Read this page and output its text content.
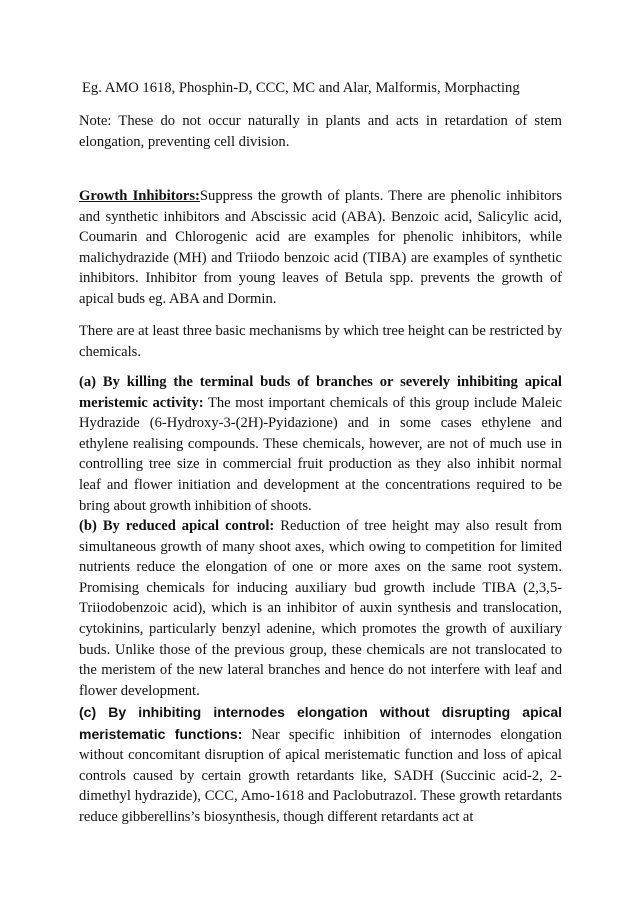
Eg. AMO 1618, Phosphin-D, CCC, MC and Alar, Malformis, Morphacting

Note: These do not occur naturally in plants and acts in retardation of stem elongation, preventing cell division.

Growth Inhibitors:Suppress the growth of plants. There are phenolic inhibitors and synthetic inhibitors and Abscissic acid (ABA). Benzoic acid, Salicylic acid, Coumarin and Chlorogenic acid are examples for phenolic inhibitors, while malichydrazide (MH) and Triiodo benzoic acid (TIBA) are examples of synthetic inhibitors. Inhibitor from young leaves of Betula spp. prevents the growth of apical buds eg. ABA and Dormin.

There are at least three basic mechanisms by which tree height can be restricted by chemicals.

(a) By killing the terminal buds of branches or severely inhibiting apical meristemic activity: The most important chemicals of this group include Maleic Hydrazide (6-Hydroxy-3-(2H)-Pyidazione) and in some cases ethylene and ethylene realising compounds. These chemicals, however, are not of much use in controlling tree size in commercial fruit production as they also inhibit normal leaf and flower initiation and development at the concentrations required to be bring about growth inhibition of shoots.

(b) By reduced apical control: Reduction of tree height may also result from simultaneous growth of many shoot axes, which owing to competition for limited nutrients reduce the elongation of one or more axes on the same root system. Promising chemicals for inducing auxiliary bud growth include TIBA (2,3,5-Triiodobenzoic acid), which is an inhibitor of auxin synthesis and translocation, cytokinins, particularly benzyl adenine, which promotes the growth of auxiliary buds. Unlike those of the previous group, these chemicals are not translocated to the meristem of the new lateral branches and hence do not interfere with leaf and flower development.

(c) By inhibiting internodes elongation without disrupting apical meristematic functions: Near specific inhibition of internodes elongation without concomitant disruption of apical meristematic function and loss of apical controls caused by certain growth retardants like, SADH (Succinic acid-2, 2-dimethyl hydrazide), CCC, Amo-1618 and Paclobutrazol. These growth retardants reduce gibberellins’s biosynthesis, though different retardants act at
